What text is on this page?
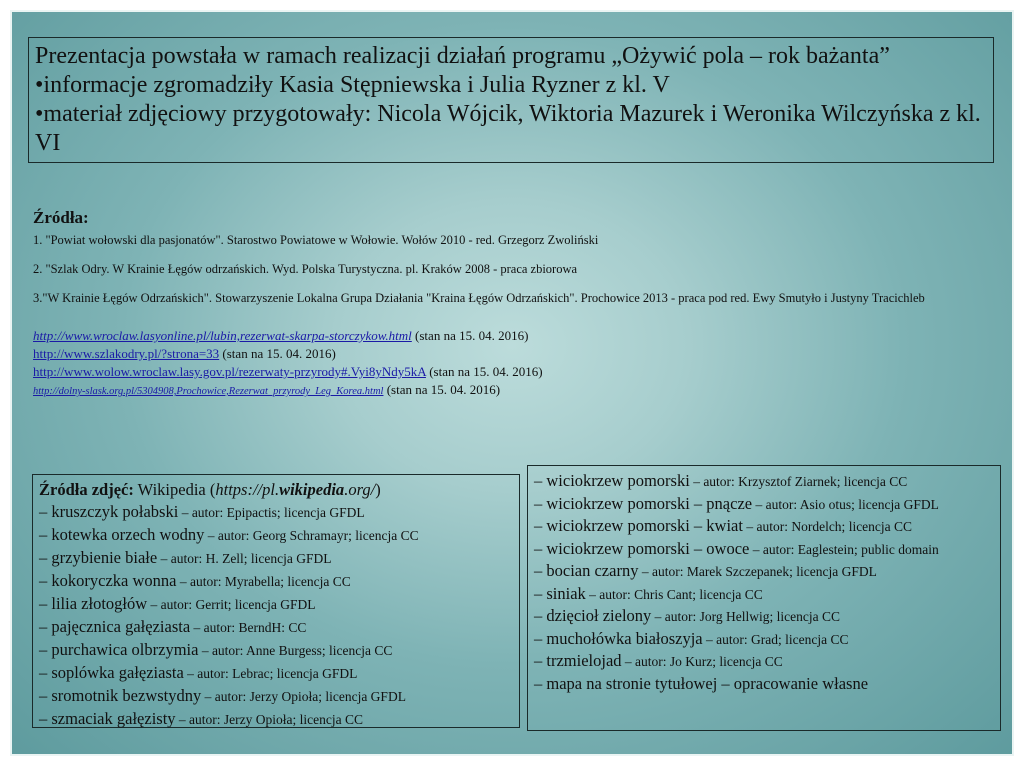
Prezentacja powstała w ramach realizacji działań programu „Ożywić pola – rok bażanta”
•informacje zgromadziły Kasia Stępniewska i Julia Ryzner z kl. V
•materiał zdjęciowy przygotowały: Nicola Wójcik, Wiktoria Mazurek i Weronika Wilczyńska z kl. VI
Źródła:
1. "Powiat wołowski dla pasjonatów". Starostwo Powiatowe w Wołowie. Wołów 2010 - red. Grzegorz Zwoliński
2. "Szlak Odry. W Krainie Łęgów odrzańskich. Wyd. Polska Turystyczna. pl. Kraków 2008 - praca zbiorowa
3."W Krainie Łęgów Odrzańskich". Stowarzyszenie Lokalna Grupa Działania "Kraina Łęgów Odrzańskich". Prochowice 2013 - praca pod red. Ewy Smutyło i Justyny Tracichleb
http://www.wroclaw.lasyonline.pl/lubin,rezerwat-skarpa-storczykow.html (stan na 15. 04. 2016)
http://www.szlakodry.pl/?strona=33 (stan na 15. 04. 2016)
http://www.wolow.wroclaw.lasy.gov.pl/rezerwaty-przyrody#.Vyi8yNdy5kA (stan na 15. 04. 2016)
http://dolny-slask.org.pl/5304908,Prochowice,Rezerwat_przyrody_Leg_Korea.html (stan na 15. 04. 2016)
Źródła zdjęć: Wikipedia (https://pl.wikipedia.org/)
– kruszczyk połabski – autor: Epipactis; licencja GFDL
– kotewka orzech wodny – autor: Georg Schramayr; licencja CC
– grzybienie białe – autor: H. Zell; licencja GFDL
– kokoryczka wonna – autor: Myrabella; licencja CC
– lilia złotogłów – autor: Gerrit; licencja GFDL
– pajęcznica gałęziasta – autor: BerndH: CC
– purchawica olbrzymia – autor: Anne Burgess; licencja CC
– soplówka gałęziasta – autor: Lebrac; licencja GFDL
– sromotnik bezwstydny – autor: Jerzy Opioła; licencja GFDL
– szmaciak gałęzisty – autor: Jerzy Opioła; licencja CC
– wiciokrzew pomorski – autor: Krzysztof Ziarnek; licencja CC
– wiciokrzew pomorski – pnącze – autor: Asio otus; licencja GFDL
– wiciokrzew pomorski – kwiat – autor: Nordelch; licencja CC
– wiciokrzew pomorski – owoce – autor: Eaglestein; public domain
– bocian czarny – autor: Marek Szczepanek; licencja GFDL
– siniak – autor: Chris Cant; licencja CC
– dzięcioł zielony – autor: Jorg Hellwig; licencja CC
– muchołówka białoszyja – autor: Grad; licencja CC
– trzmielojad – autor: Jo Kurz; licencja CC
– mapa na stronie tytułowej – opracowanie własne
